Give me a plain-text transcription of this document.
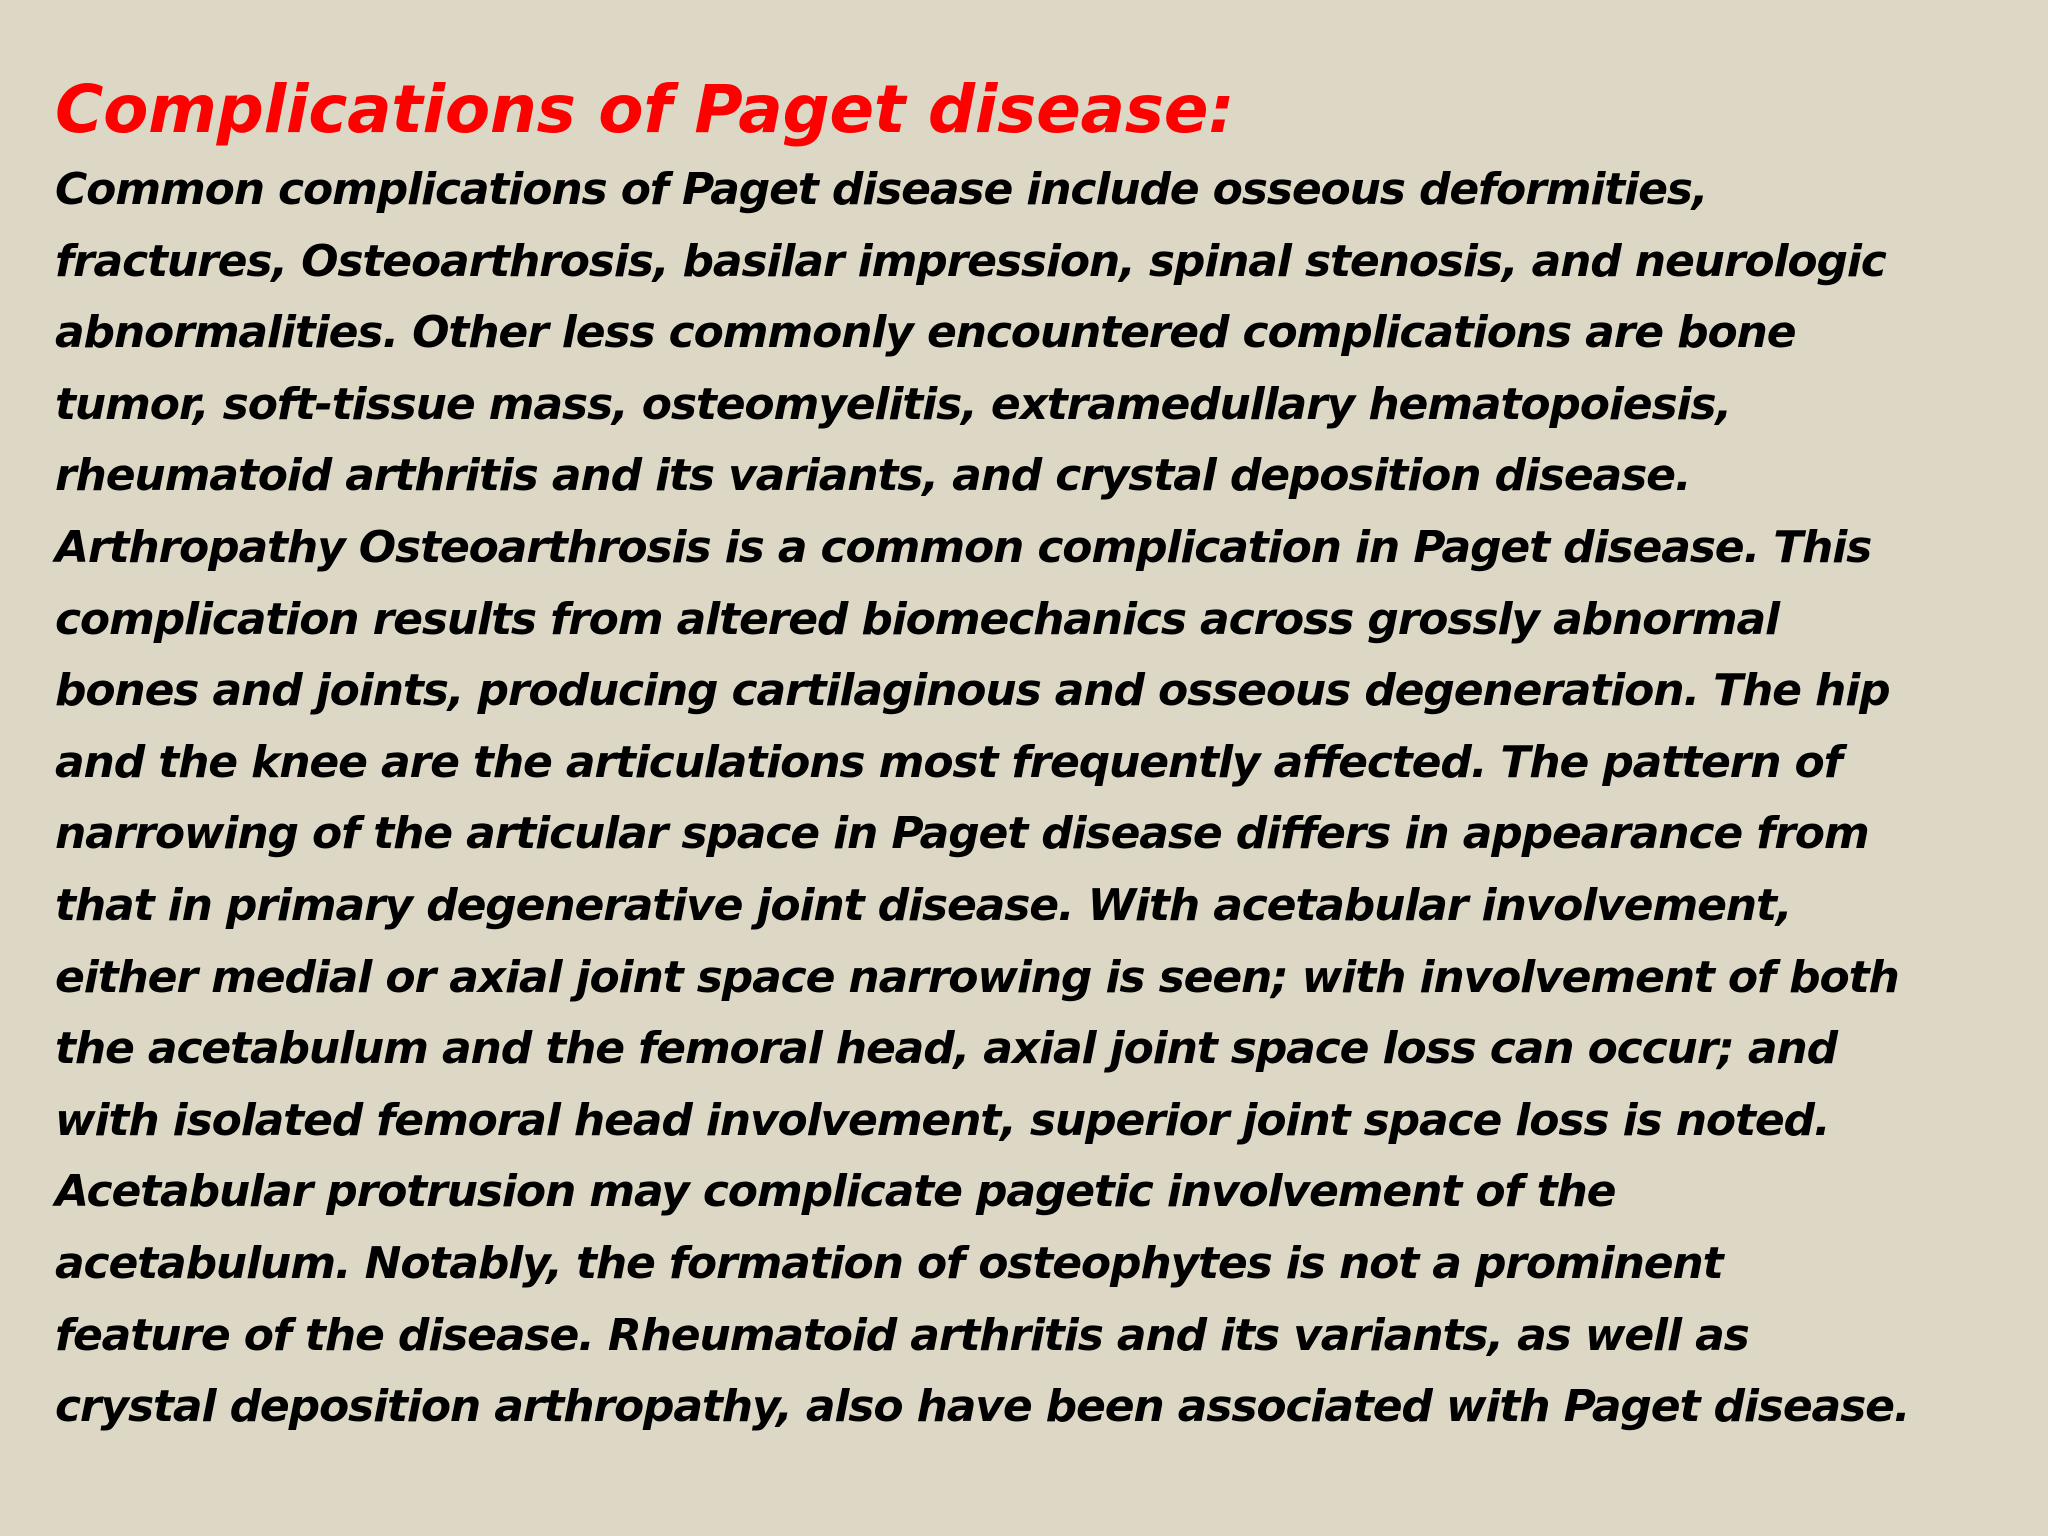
Complications of Paget disease:
Common complications of Paget disease include osseous deformities,
fractures, Osteoarthrosis, basilar impression, spinal stenosis, and neurologic
abnormalities. Other less commonly encountered complications are bone
tumor, soft-tissue mass, osteomyelitis, extramedullary hematopoiesis,
rheumatoid arthritis and its variants, and crystal deposition disease.
Arthropathy Osteoarthrosis is a common complication in Paget disease. This
complication results from altered biomechanics across grossly abnormal
bones and joints, producing cartilaginous and osseous degeneration. The hip
and the knee are the articulations most frequently affected. The pattern of
narrowing of the articular space in Paget disease differs in appearance from
that in primary degenerative joint disease. With acetabular involvement,
either medial or axial joint space narrowing is seen; with involvement of both
the acetabulum and the femoral head, axial joint space loss can occur; and
with isolated femoral head involvement, superior joint space loss is noted.
Acetabular protrusion may complicate pagetic involvement of the
acetabulum. Notably, the formation of osteophytes is not a prominent
feature of the disease. Rheumatoid arthritis and its variants, as well as
crystal deposition arthropathy, also have been associated with Paget disease.
